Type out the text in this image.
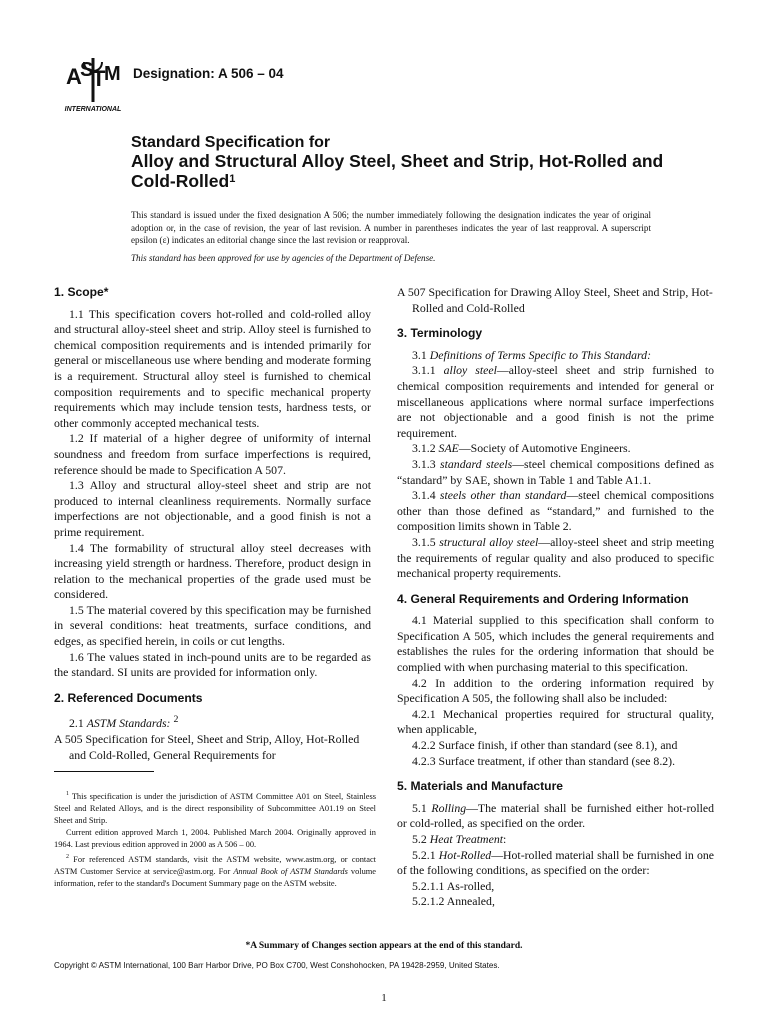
A S T M
INTERNATIONAL
Designation: A 506 – 04
Standard Specification for
Alloy and Structural Alloy Steel, Sheet and Strip, Hot-Rolled and Cold-Rolled$^1$
This standard is issued under the fixed designation A 506; the number immediately following the designation indicates the year of original adoption or, in the case of revision, the year of last revision. A number in parentheses indicates the year of last reapproval. A superscript epsilon (ε) indicates an editorial change since the last revision or reapproval.
This standard has been approved for use by agencies of the Department of Defense.
1. Scope*

1.1 This specification covers hot-rolled and cold-rolled alloy and structural alloy-steel sheet and strip. Alloy steel is furnished to chemical composition requirements and is intended primarily for general or miscellaneous use where bending and moderate forming is a requirement. Structural alloy steel is furnished to chemical composition requirements and to specific mechanical property requirements which may include tension tests, hardness tests, or other commonly accepted mechanical tests.

1.2 If material of a higher degree of uniformity of internal soundness and freedom from surface imperfections is required, reference should be made to Specification A 507.

1.3 Alloy and structural alloy-steel sheet and strip are not produced to internal cleanliness requirements. Normally surface imperfections are not objectionable, and a good finish is not a prime requirement.

1.4 The formability of structural alloy steel decreases with increasing yield strength or hardness. Therefore, product design in relation to the mechanical properties of the grade used must be considered.

1.5 The material covered by this specification may be furnished in several conditions: heat treatments, surface conditions, and edges, as specified herein, in coils or cut lengths.

1.6 The values stated in inch-pound units are to be regarded as the standard. SI units are provided for information only.

2. Referenced Documents

2.1 ASTM Standards: $^2$

A 505 Specification for Steel, Sheet and Strip, Alloy, Hot-Rolled and Cold-Rolled, General Requirements for

$^1$ This specification is under the jurisdiction of ASTM Committee A01 on Steel, Stainless Steel and Related Alloys, and is the direct responsibility of Subcommittee A01.19 on Steel Sheet and Strip.

Current edition approved March 1, 2004. Published March 2004. Originally approved in 1964. Last previous edition approved in 2000 as A 506 – 00.

$^2$ For referenced ASTM standards, visit the ASTM website, www.astm.org, or contact ASTM Customer Service at service@astm.org. For Annual Book of ASTM Standards volume information, refer to the standard's Document Summary page on the ASTM website.

A 507 Specification for Drawing Alloy Steel, Sheet and Strip, Hot-Rolled and Cold-Rolled

3. Terminology

3.1 Definitions of Terms Specific to This Standard:

3.1.1 alloy steel—alloy-steel sheet and strip furnished to chemical composition requirements and intended for general or miscellaneous applications where normal surface imperfections are not objectionable and a good finish is not the prime requirement.

3.1.2 SAE—Society of Automotive Engineers.

3.1.3 standard steels—steel chemical compositions defined as “standard” by SAE, shown in Table 1 and Table A1.1.

3.1.4 steels other than standard—steel chemical compositions other than those defined as “standard,” and furnished to the composition limits shown in Table 2.

3.1.5 structural alloy steel—alloy-steel sheet and strip meeting the requirements of regular quality and also produced to specific mechanical property requirements.

4. General Requirements and Ordering Information

4.1 Material supplied to this specification shall conform to Specification A 505, which includes the general requirements and establishes the rules for the ordering information that should be complied with when purchasing material to this specification.

4.2 In addition to the ordering information required by Specification A 505, the following shall also be included:

4.2.1 Mechanical properties required for structural quality, when applicable,

4.2.2 Surface finish, if other than standard (see 8.1), and

4.2.3 Surface treatment, if other than standard (see 8.2).

5. Materials and Manufacture

5.1 Rolling—The material shall be furnished either hot-rolled or cold-rolled, as specified on the order.

5.2 Heat Treatment:

5.2.1 Hot-Rolled—Hot-rolled material shall be furnished in one of the following conditions, as specified on the order:

5.2.1.1 As-rolled,

5.2.1.2 Annealed,

*A Summary of Changes section appears at the end of this standard.
Copyright © ASTM International, 100 Barr Harbor Drive, PO Box C700, West Conshohocken, PA 19428-2959, United States.
1
